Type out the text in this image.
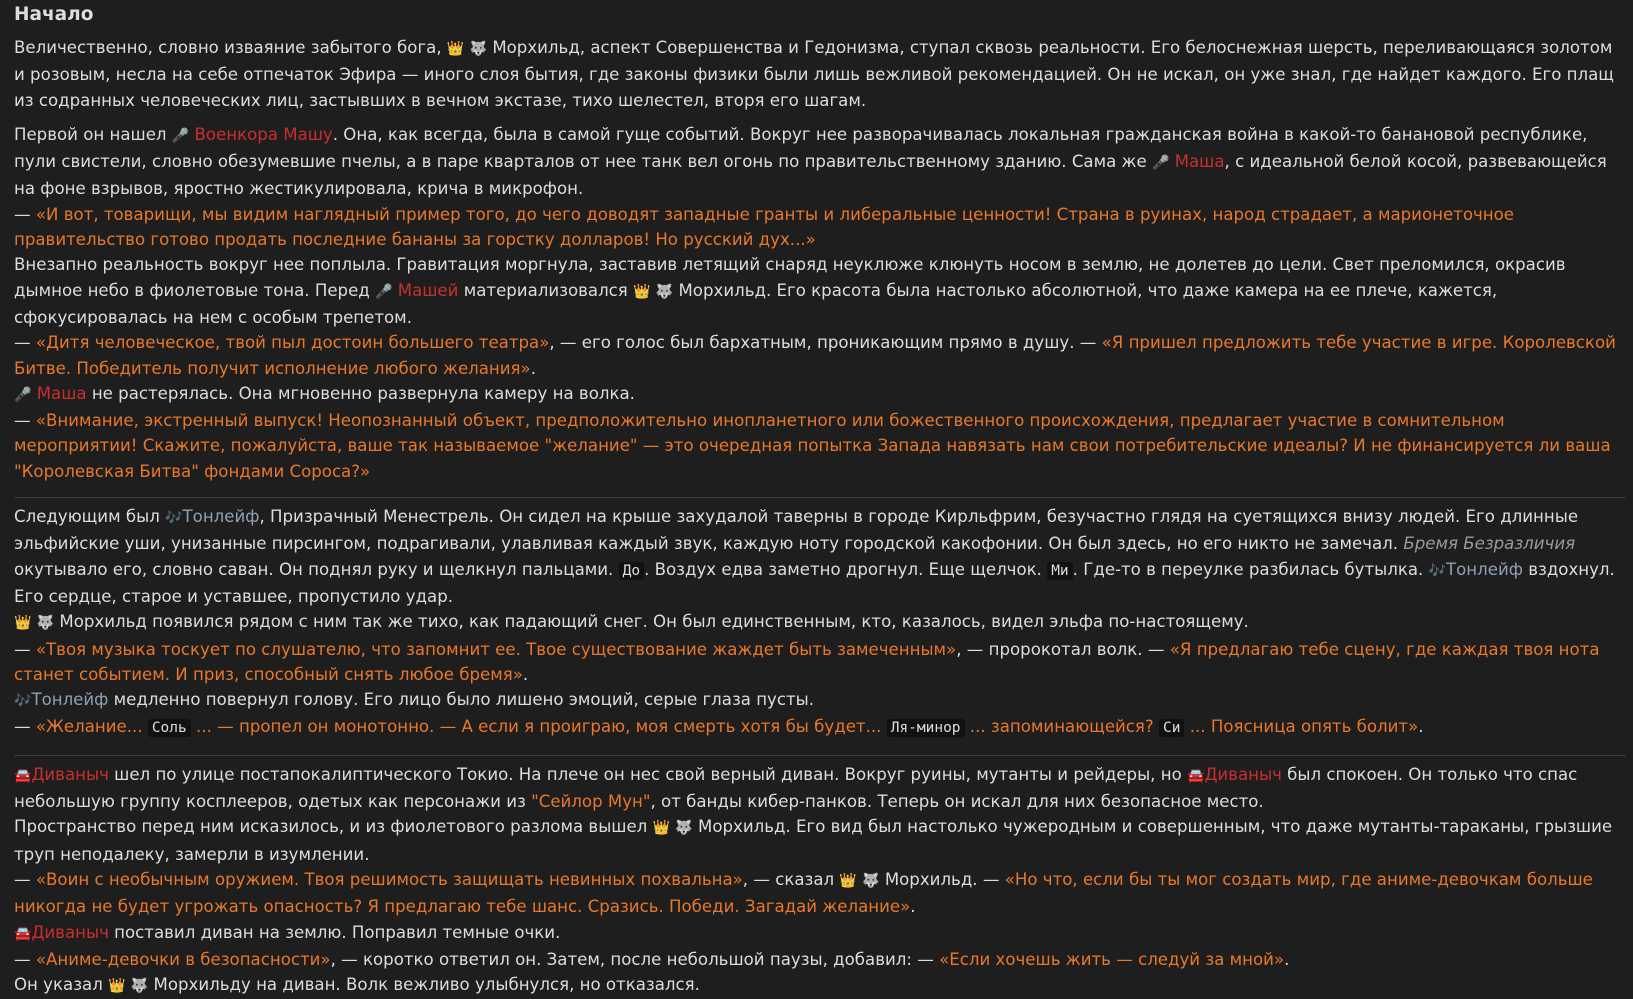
Начало

Величественно, словно изваяние забытого бога, 👑 🐺 Морхильд, аспект Совершенства и Гедонизма, ступал сквозь реальности. Его белоснежная шерсть, переливающаяся золотом и розовым, несла на себе отпечаток Эфира — иного слоя бытия, где законы физики были лишь вежливой рекомендацией. Он не искал, он уже знал, где найдет каждого. Его плащ из содранных человеческих лиц, застывших в вечном экстазе, тихо шелестел, вторя его шагам.

Первой он нашел 🎤 Военкора Машу. Она, как всегда, была в самой гуще событий. Вокруг нее разворачивалась локальная гражданская война в какой-то банановой республике, пули свистели, словно обезумевшие пчелы, а в паре кварталов от нее танк вел огонь по правительственному зданию. Сама же 🎤 Маша, с идеальной белой косой, развевающейся на фоне взрывов, яростно жестикулировала, крича в микрофон.

— «И вот, товарищи, мы видим наглядный пример того, до чего доводят западные гранты и либеральные ценности! Страна в руинах, народ страдает, а марионеточное правительство готово продать последние бананы за горстку долларов! Но русский дух...»

Внезапно реальность вокруг нее поплыла. Гравитация моргнула, заставив летящий снаряд неуклюже клюнуть носом в землю, не долетев до цели. Свет преломился, окрасив дымное небо в фиолетовые тона. Перед 🎤 Машей материализовался 👑 🐺 Морхильд. Его красота была настолько абсолютной, что даже камера на ее плече, кажется, сфокусировалась на нем с особым трепетом.

— «Дитя человеческое, твой пыл достоин большего театра», — его голос был бархатным, проникающим прямо в душу. — «Я пришел предложить тебе участие в игре. Королевской Битве. Победитель получит исполнение любого желания».

🎤 Маша не растерялась. Она мгновенно развернула камеру на волка.

— «Внимание, экстренный выпуск! Неопознанный объект, предположительно инопланетного или божественного происхождения, предлагает участие в сомнительном мероприятии! Скажите, пожалуйста, ваше так называемое "желание" — это очередная попытка Запада навязать нам свои потребительские идеалы? И не финансируется ли ваша "Королевская Битва" фондами Сороса?»

Следующим был 🎶Тонлейф, Призрачный Менестрель. Он сидел на крыше захудалой таверны в городе Кирльфрим, безучастно глядя на суетящихся внизу людей. Его длинные эльфийские уши, унизанные пирсингом, подрагивали, улавливая каждый звук, каждую ноту городской какофонии. Он был здесь, но его никто не замечал. Бремя Безразличия окутывало его, словно саван. Он поднял руку и щелкнул пальцами. До . Воздух едва заметно дрогнул. Еще щелчок. Ми . Где-то в переулке разбилась бутылка. 🎶Тонлейф вздохнул. Его сердце, старое и уставшее, пропустило удар.

👑 🐺 Морхильд появился рядом с ним так же тихо, как падающий снег. Он был единственным, кто, казалось, видел эльфа по-настоящему.

— «Твоя музыка тоскует по слушателю, что запомнит ее. Твое существование жаждет быть замеченным», — пророкотал волк. — «Я предлагаю тебе сцену, где каждая твоя нота станет событием. И приз, способный снять любое бремя».

🎶Тонлейф медленно повернул голову. Его лицо было лишено эмоций, серые глаза пусты.

— «Желание... Соль ... — пропел он монотонно. — А если я проиграю, моя смерть хотя бы будет... Ля-минор ... запоминающейся? Си ... Поясница опять болит».

🚘Диваныч шел по улице постапокалиптического Токио. На плече он нес свой верный диван. Вокруг руины, мутанты и рейдеры, но 🚘Диваныч был спокоен. Он только что спас небольшую группу косплееров, одетых как персонажи из "Сейлор Мун", от банды кибер-панков. Теперь он искал для них безопасное место.

Пространство перед ним исказилось, и из фиолетового разлома вышел 👑 🐺 Морхильд. Его вид был настолько чужеродным и совершенным, что даже мутанты-тараканы, грызшие труп неподалеку, замерли в изумлении.

— «Воин с необычным оружием. Твоя решимость защищать невинных похвальна», — сказал 👑 🐺 Морхильд. — «Но что, если бы ты мог создать мир, где аниме-девочкам больше никогда не будет угрожать опасность? Я предлагаю тебе шанс. Сразись. Победи. Загадай желание».

🚘Диваныч поставил диван на землю. Поправил темные очки.

— «Аниме-девочки в безопасности», — коротко ответил он. Затем, после небольшой паузы, добавил: — «Если хочешь жить — следуй за мной».

Он указал 👑 🐺 Морхильду на диван. Волк вежливо улыбнулся, но отказался.
